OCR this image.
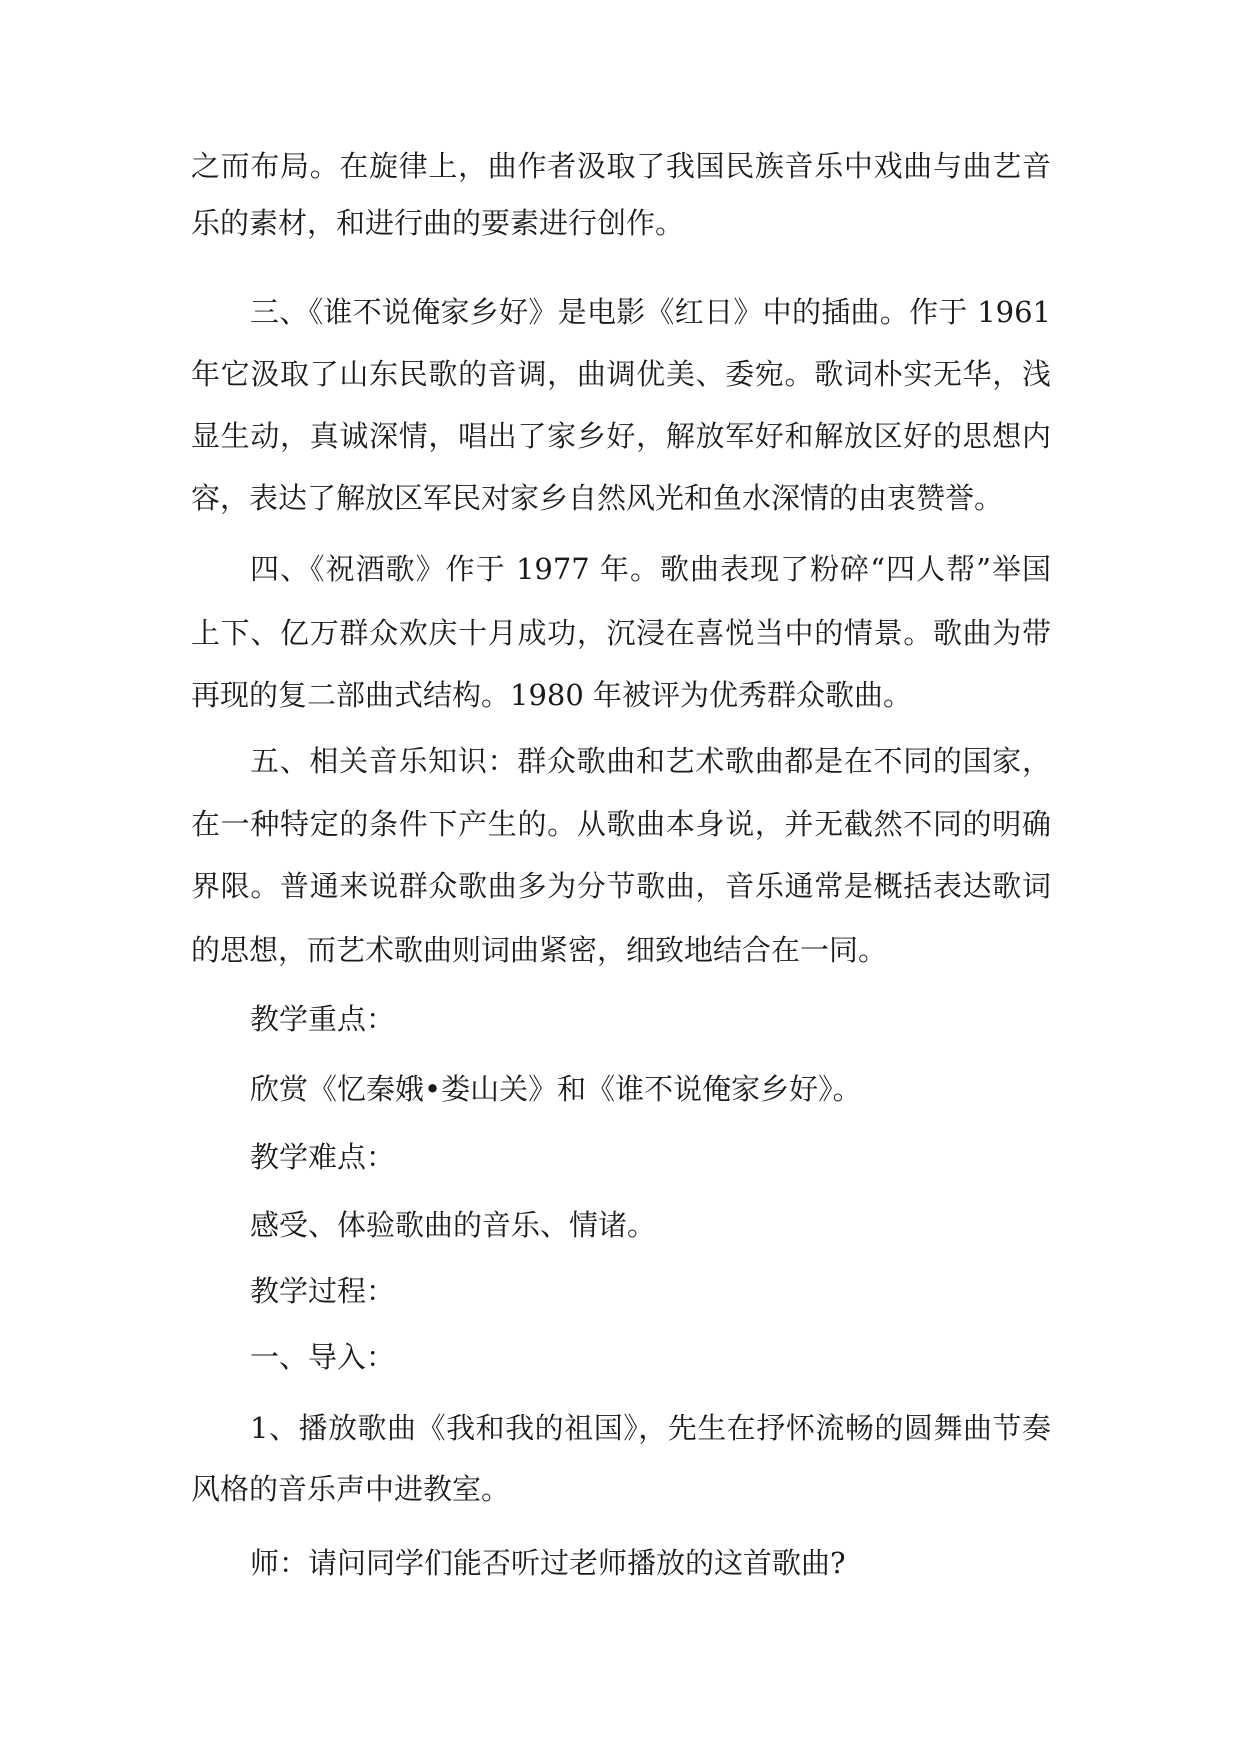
之而布局。在旋律上，曲作者汲取了我国民族音乐中戏曲与曲艺音
乐的素材，和进行曲的要素进行创作。
三、《谁不说俺家乡好》是电影《红日》中的插曲。作于 1961
年它汲取了山东民歌的音调，曲调优美、委宛。歌词朴实无华，浅
显生动，真诚深情，唱出了家乡好，解放军好和解放区好的思想内
容，表达了解放区军民对家乡自然风光和鱼水深情的由衷赞誉。
四、《祝酒歌》作于 1977 年。歌曲表现了粉碎“四人帮”举国
上下、亿万群众欢庆十月成功，沉浸在喜悦当中的情景。歌曲为带
再现的复二部曲式结构。1980 年被评为优秀群众歌曲。
五、相关音乐知识：群众歌曲和艺术歌曲都是在不同的国家，
在一种特定的条件下产生的。从歌曲本身说，并无截然不同的明确
界限。普通来说群众歌曲多为分节歌曲，音乐通常是概括表达歌词
的思想，而艺术歌曲则词曲紧密，细致地结合在一同。
教学重点：
欣赏《忆秦娥•娄山关》和《谁不说俺家乡好》。
教学难点：
感受、体验歌曲的音乐、情诸。
教学过程：
一、导入：
1、播放歌曲《我和我的祖国》，先生在抒怀流畅的圆舞曲节奏
风格的音乐声中进教室。
师：请问同学们能否听过老师播放的这首歌曲?
